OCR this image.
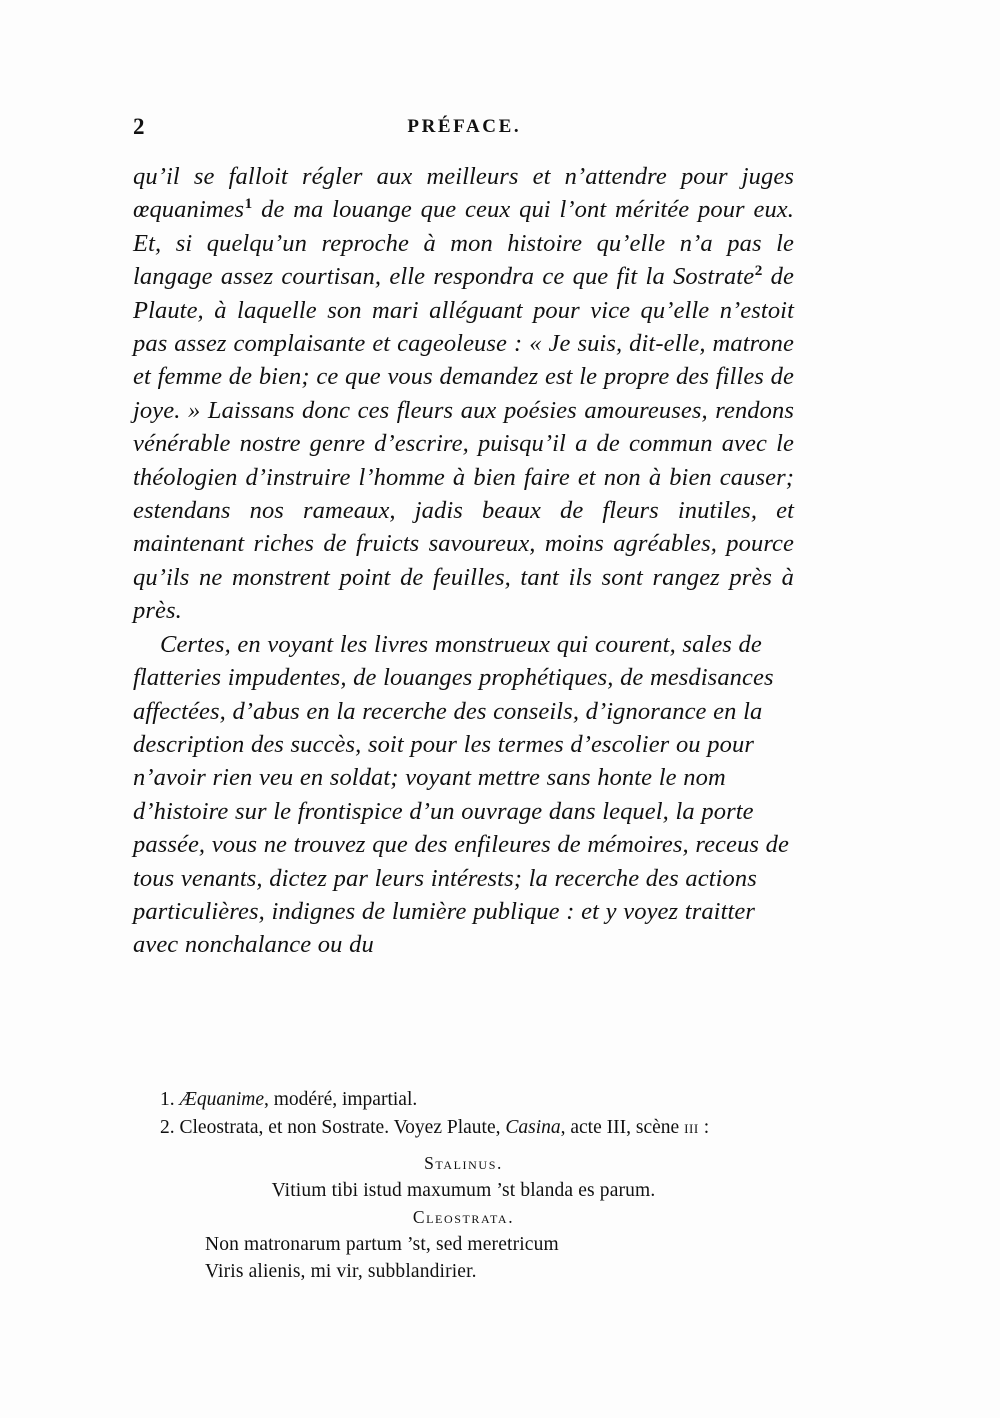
2	PRÉFACE.

qu’il se falloit régler aux meilleurs et n’attendre pour juges œquanimes$^1$ de ma louange que ceux qui l’ont méritée pour eux. Et, si quelqu’un reproche à mon histoire qu’elle n’a pas le langage assez courtisan, elle respondra ce que fit la Sostrate$^2$ de Plaute, à laquelle son mari alléguant pour vice qu’elle n’estoit pas assez complaisante et cageoleuse : « Je suis, dit-elle, matrone et femme de bien; ce que vous demandez est le propre des filles de joye. » Laissans donc ces fleurs aux poésies amoureuses, rendons vénérable nostre genre d’escrire, puisqu’il a de commun avec le théologien d’instruire l’homme à bien faire et non à bien causer; estendans nos rameaux, jadis beaux de fleurs inutiles, et maintenant riches de fruicts savoureux, moins agréables, pource qu’ils ne monstrent point de feuilles, tant ils sont rangez près à près.

Certes, en voyant les livres monstrueux qui courent, sales de flatteries impudentes, de louanges prophétiques, de mesdisances affectées, d’abus en la recerche des conseils, d’ignorance en la description des succès, soit pour les termes d’escolier ou pour n’avoir rien veu en soldat; voyant mettre sans honte le nom d’histoire sur le frontispice d’un ouvrage dans lequel, la porte passée, vous ne trouvez que des enfileures de mémoires, receus de tous venants, dictez par leurs intérests; la recerche des actions particulières, indignes de lumière publique : et y voyez traitter avec nonchalance ou du

1. Æquanime, modéré, impartial.

2. Cleostrata, et non Sostrate. Voyez Plaute, Casina, acte III, scène iii :

Stalinus.

Vitium tibi istud maxumum ’st blanda es parum.

Cleostrata.

Non matronarum partum ’st, sed meretricum
Viris alienis, mi vir, subblandirier.
